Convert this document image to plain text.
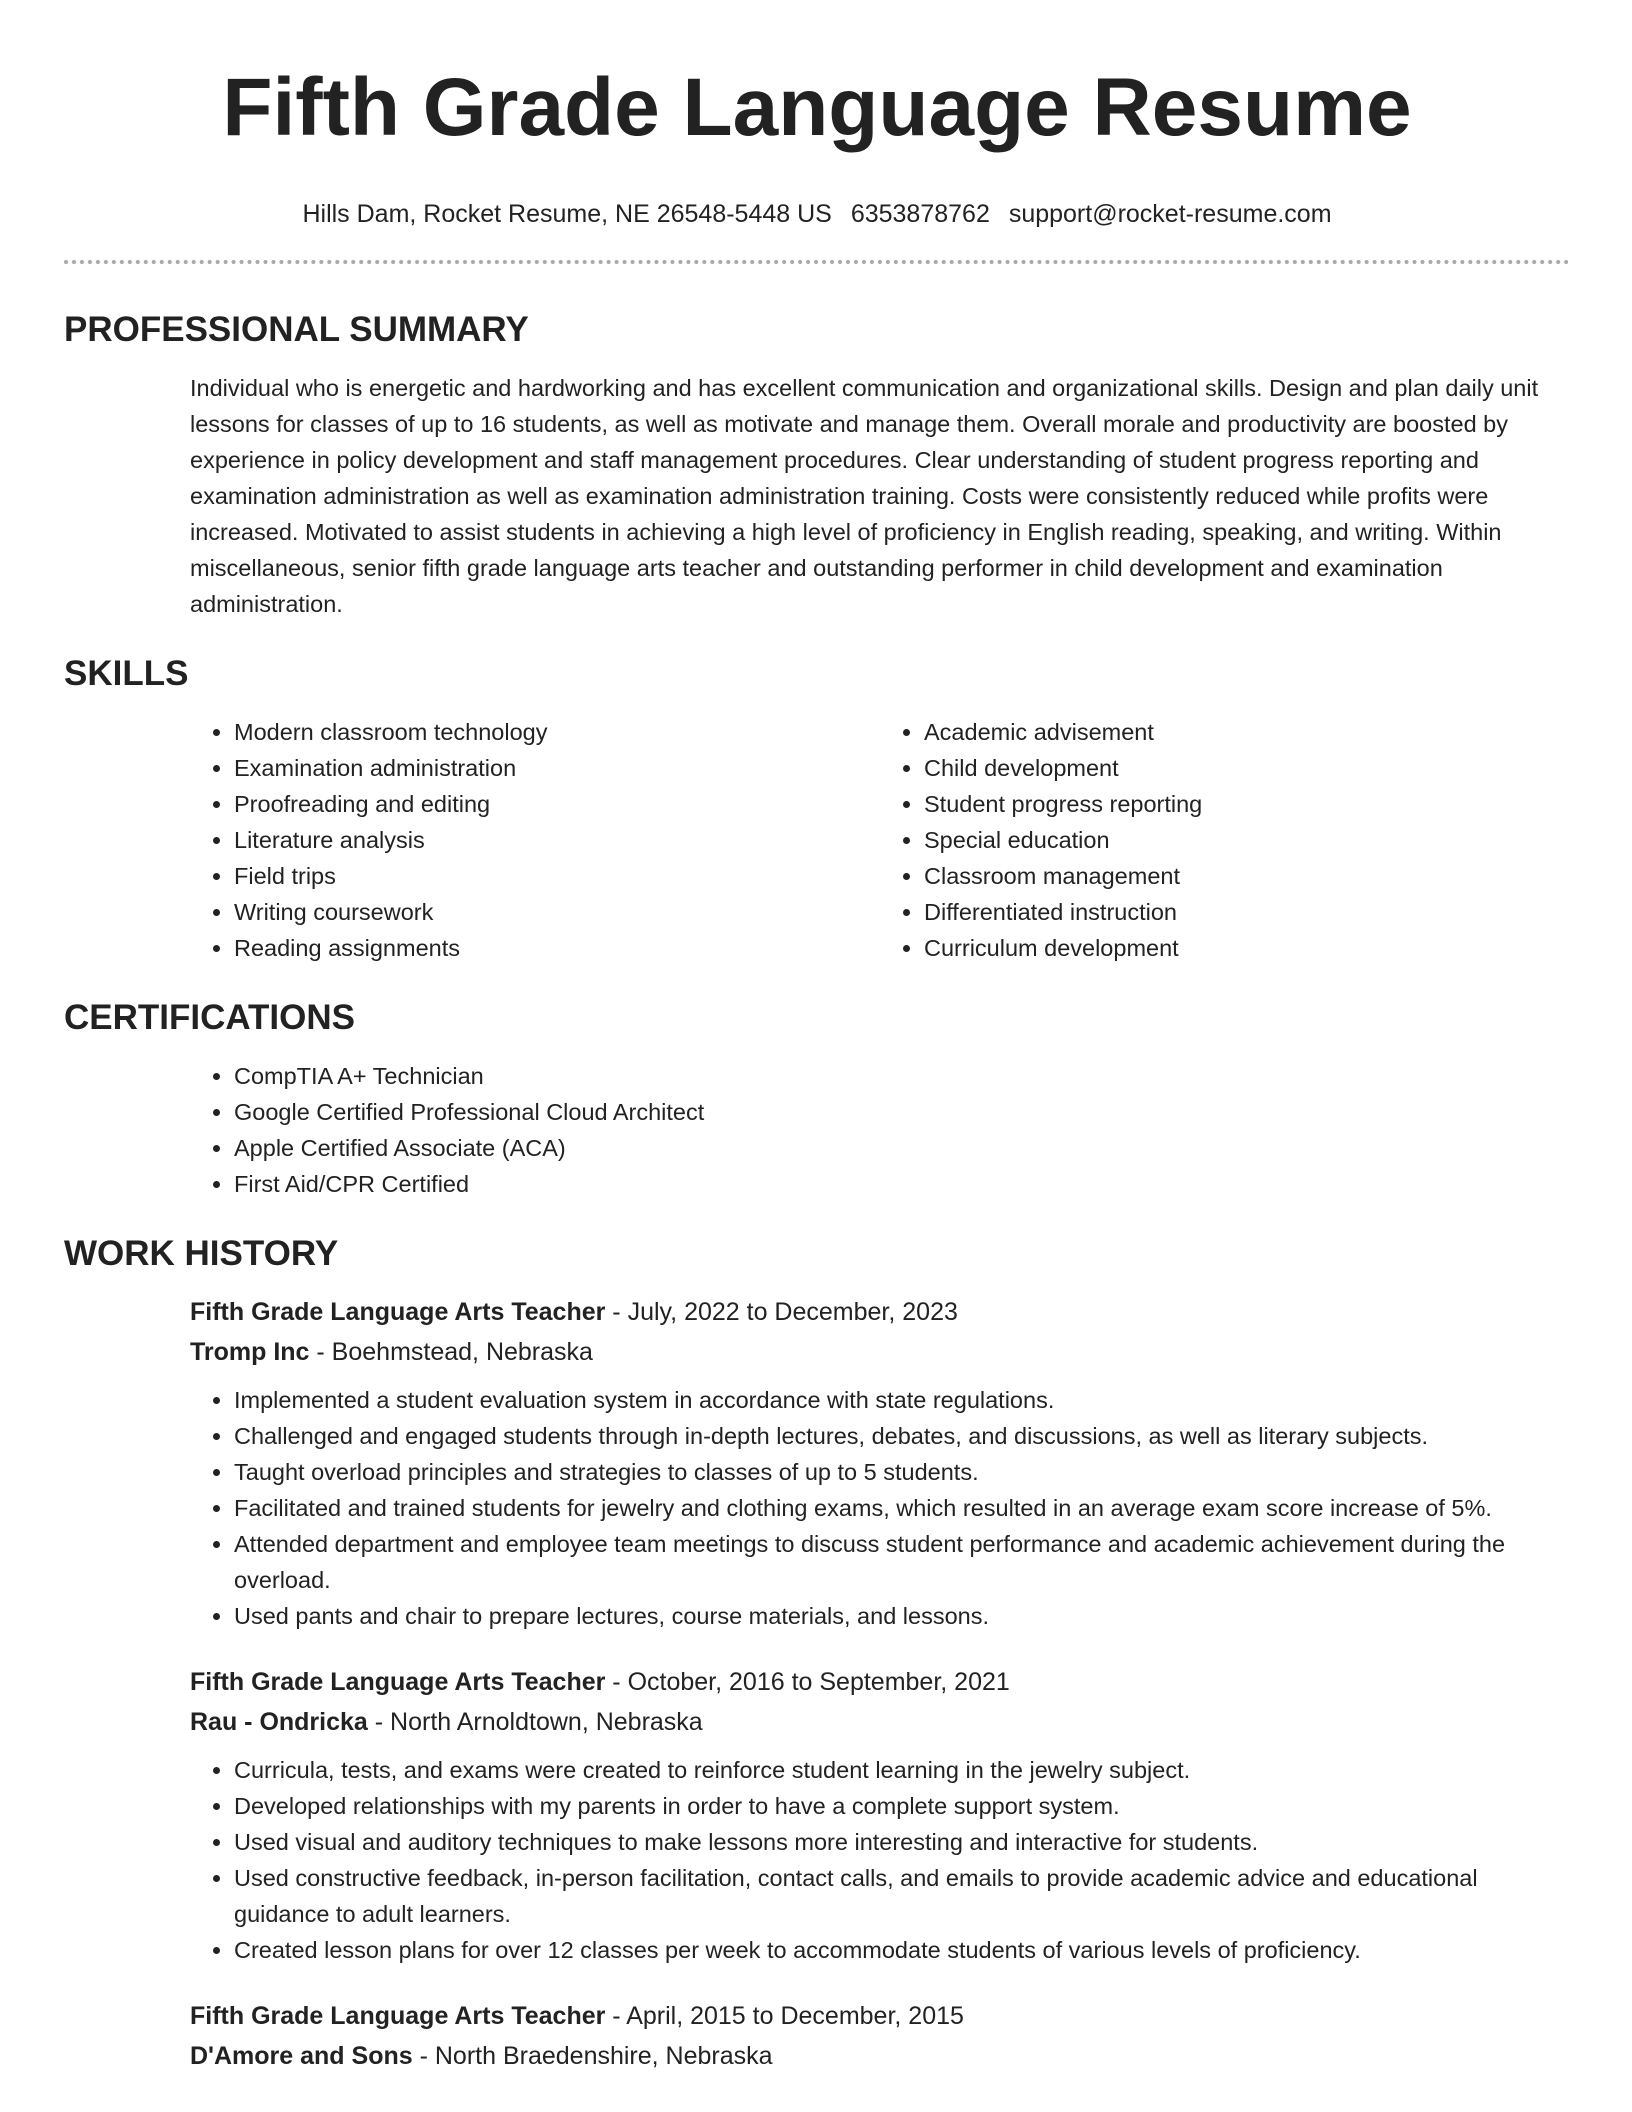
Fifth Grade Language Resume
Hills Dam, Rocket Resume, NE 26548-5448 US 6353878762 support@rocket-resume.com
PROFESSIONAL SUMMARY
Individual who is energetic and hardworking and has excellent communication and organizational skills. Design and plan daily unit lessons for classes of up to 16 students, as well as motivate and manage them. Overall morale and productivity are boosted by experience in policy development and staff management procedures. Clear understanding of student progress reporting and examination administration as well as examination administration training. Costs were consistently reduced while profits were increased. Motivated to assist students in achieving a high level of proficiency in English reading, speaking, and writing. Within miscellaneous, senior fifth grade language arts teacher and outstanding performer in child development and examination administration.
SKILLS
• Modern classroom technology
• Examination administration
• Proofreading and editing
• Literature analysis
• Field trips
• Writing coursework
• Reading assignments
• Academic advisement
• Child development
• Student progress reporting
• Special education
• Classroom management
• Differentiated instruction
• Curriculum development
CERTIFICATIONS
• CompTIA A+ Technician
• Google Certified Professional Cloud Architect
• Apple Certified Associate (ACA)
• First Aid/CPR Certified
WORK HISTORY
Fifth Grade Language Arts Teacher - July, 2022 to December, 2023
Tromp Inc - Boehmstead, Nebraska
• Implemented a student evaluation system in accordance with state regulations.
• Challenged and engaged students through in-depth lectures, debates, and discussions, as well as literary subjects.
• Taught overload principles and strategies to classes of up to 5 students.
• Facilitated and trained students for jewelry and clothing exams, which resulted in an average exam score increase of 5%.
• Attended department and employee team meetings to discuss student performance and academic achievement during the overload.
• Used pants and chair to prepare lectures, course materials, and lessons.
Fifth Grade Language Arts Teacher - October, 2016 to September, 2021
Rau - Ondricka - North Arnoldtown, Nebraska
• Curricula, tests, and exams were created to reinforce student learning in the jewelry subject.
• Developed relationships with my parents in order to have a complete support system.
• Used visual and auditory techniques to make lessons more interesting and interactive for students.
• Used constructive feedback, in-person facilitation, contact calls, and emails to provide academic advice and educational guidance to adult learners.
• Created lesson plans for over 12 classes per week to accommodate students of various levels of proficiency.
Fifth Grade Language Arts Teacher - April, 2015 to December, 2015
D'Amore and Sons - North Braedenshire, Nebraska
